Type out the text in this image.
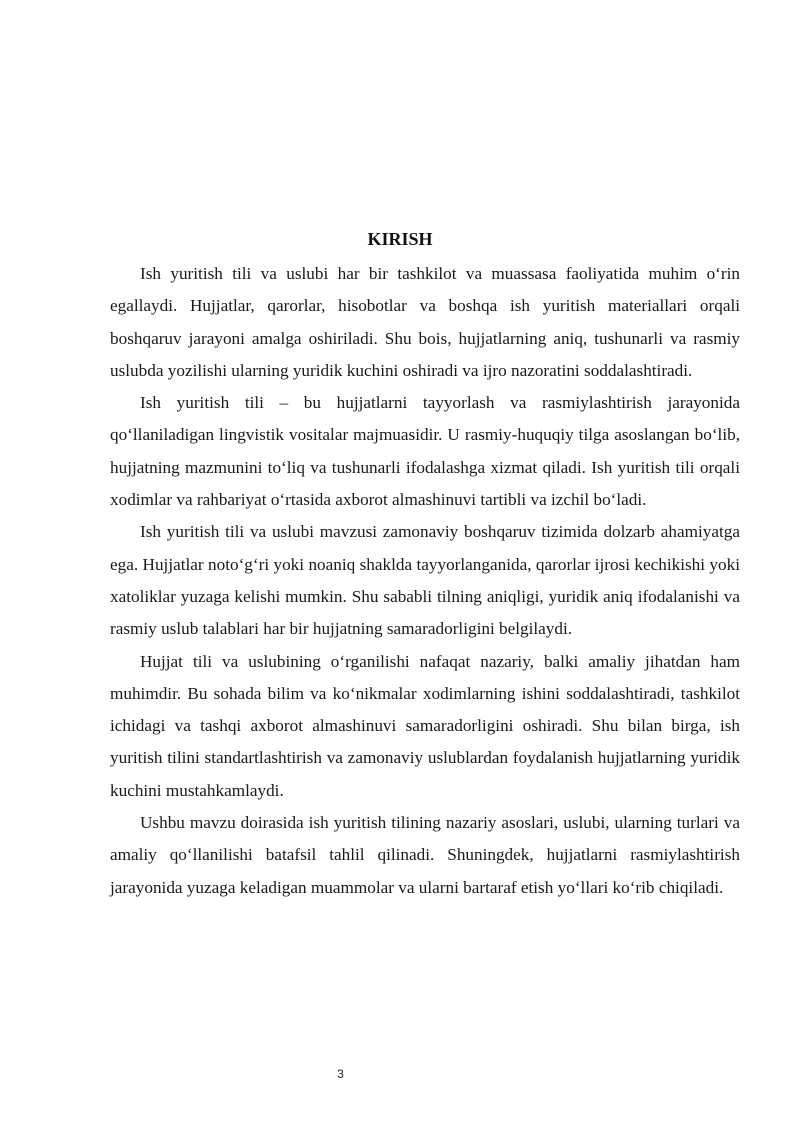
KIRISH

Ish yuritish tili va uslubi har bir tashkilot va muassasa faoliyatida muhim o‘rin egallaydi. Hujjatlar, qarorlar, hisobotlar va boshqa ish yuritish materiallari orqali boshqaruv jarayoni amalga oshiriladi. Shu bois, hujjatlarning aniq, tushunarli va rasmiy uslubda yozilishi ularning yuridik kuchini oshiradi va ijro nazoratini soddalashtiradi.

Ish yuritish tili – bu hujjatlarni tayyorlash va rasmiylashtirish jarayonida qo‘llaniladigan lingvistik vositalar majmuasidir. U rasmiy-huquqiy tilga asoslangan bo‘lib, hujjatning mazmunini to‘liq va tushunarli ifodalashga xizmat qiladi. Ish yuritish tili orqali xodimlar va rahbariyat o‘rtasida axborot almashinuvi tartibli va izchil bo‘ladi.

Ish yuritish tili va uslubi mavzusi zamonaviy boshqaruv tizimida dolzarb ahamiyatga ega. Hujjatlar noto‘g‘ri yoki noaniq shaklda tayyorlanganida, qarorlar ijrosi kechikishi yoki xatoliklar yuzaga kelishi mumkin. Shu sababli tilning aniqligi, yuridik aniq ifodalanishi va rasmiy uslub talablari har bir hujjatning samaradorligini belgilaydi.

Hujjat tili va uslubining o‘rganilishi nafaqat nazariy, balki amaliy jihatdan ham muhimdir. Bu sohada bilim va ko‘nikmalar xodimlarning ishini soddalashtiradi, tashkilot ichidagi va tashqi axborot almashinuvi samaradorligini oshiradi. Shu bilan birga, ish yuritish tilini standartlashtirish va zamonaviy uslublardan foydalanish hujjatlarning yuridik kuchini mustahkamlaydi.

Ushbu mavzu doirasida ish yuritish tilining nazariy asoslari, uslubi, ularning turlari va amaliy qo‘llanilishi batafsil tahlil qilinadi. Shuningdek, hujjatlarni rasmiylashtirish jarayonida yuzaga keladigan muammolar va ularni bartaraf etish yo‘llari ko‘rib chiqiladi.

3
